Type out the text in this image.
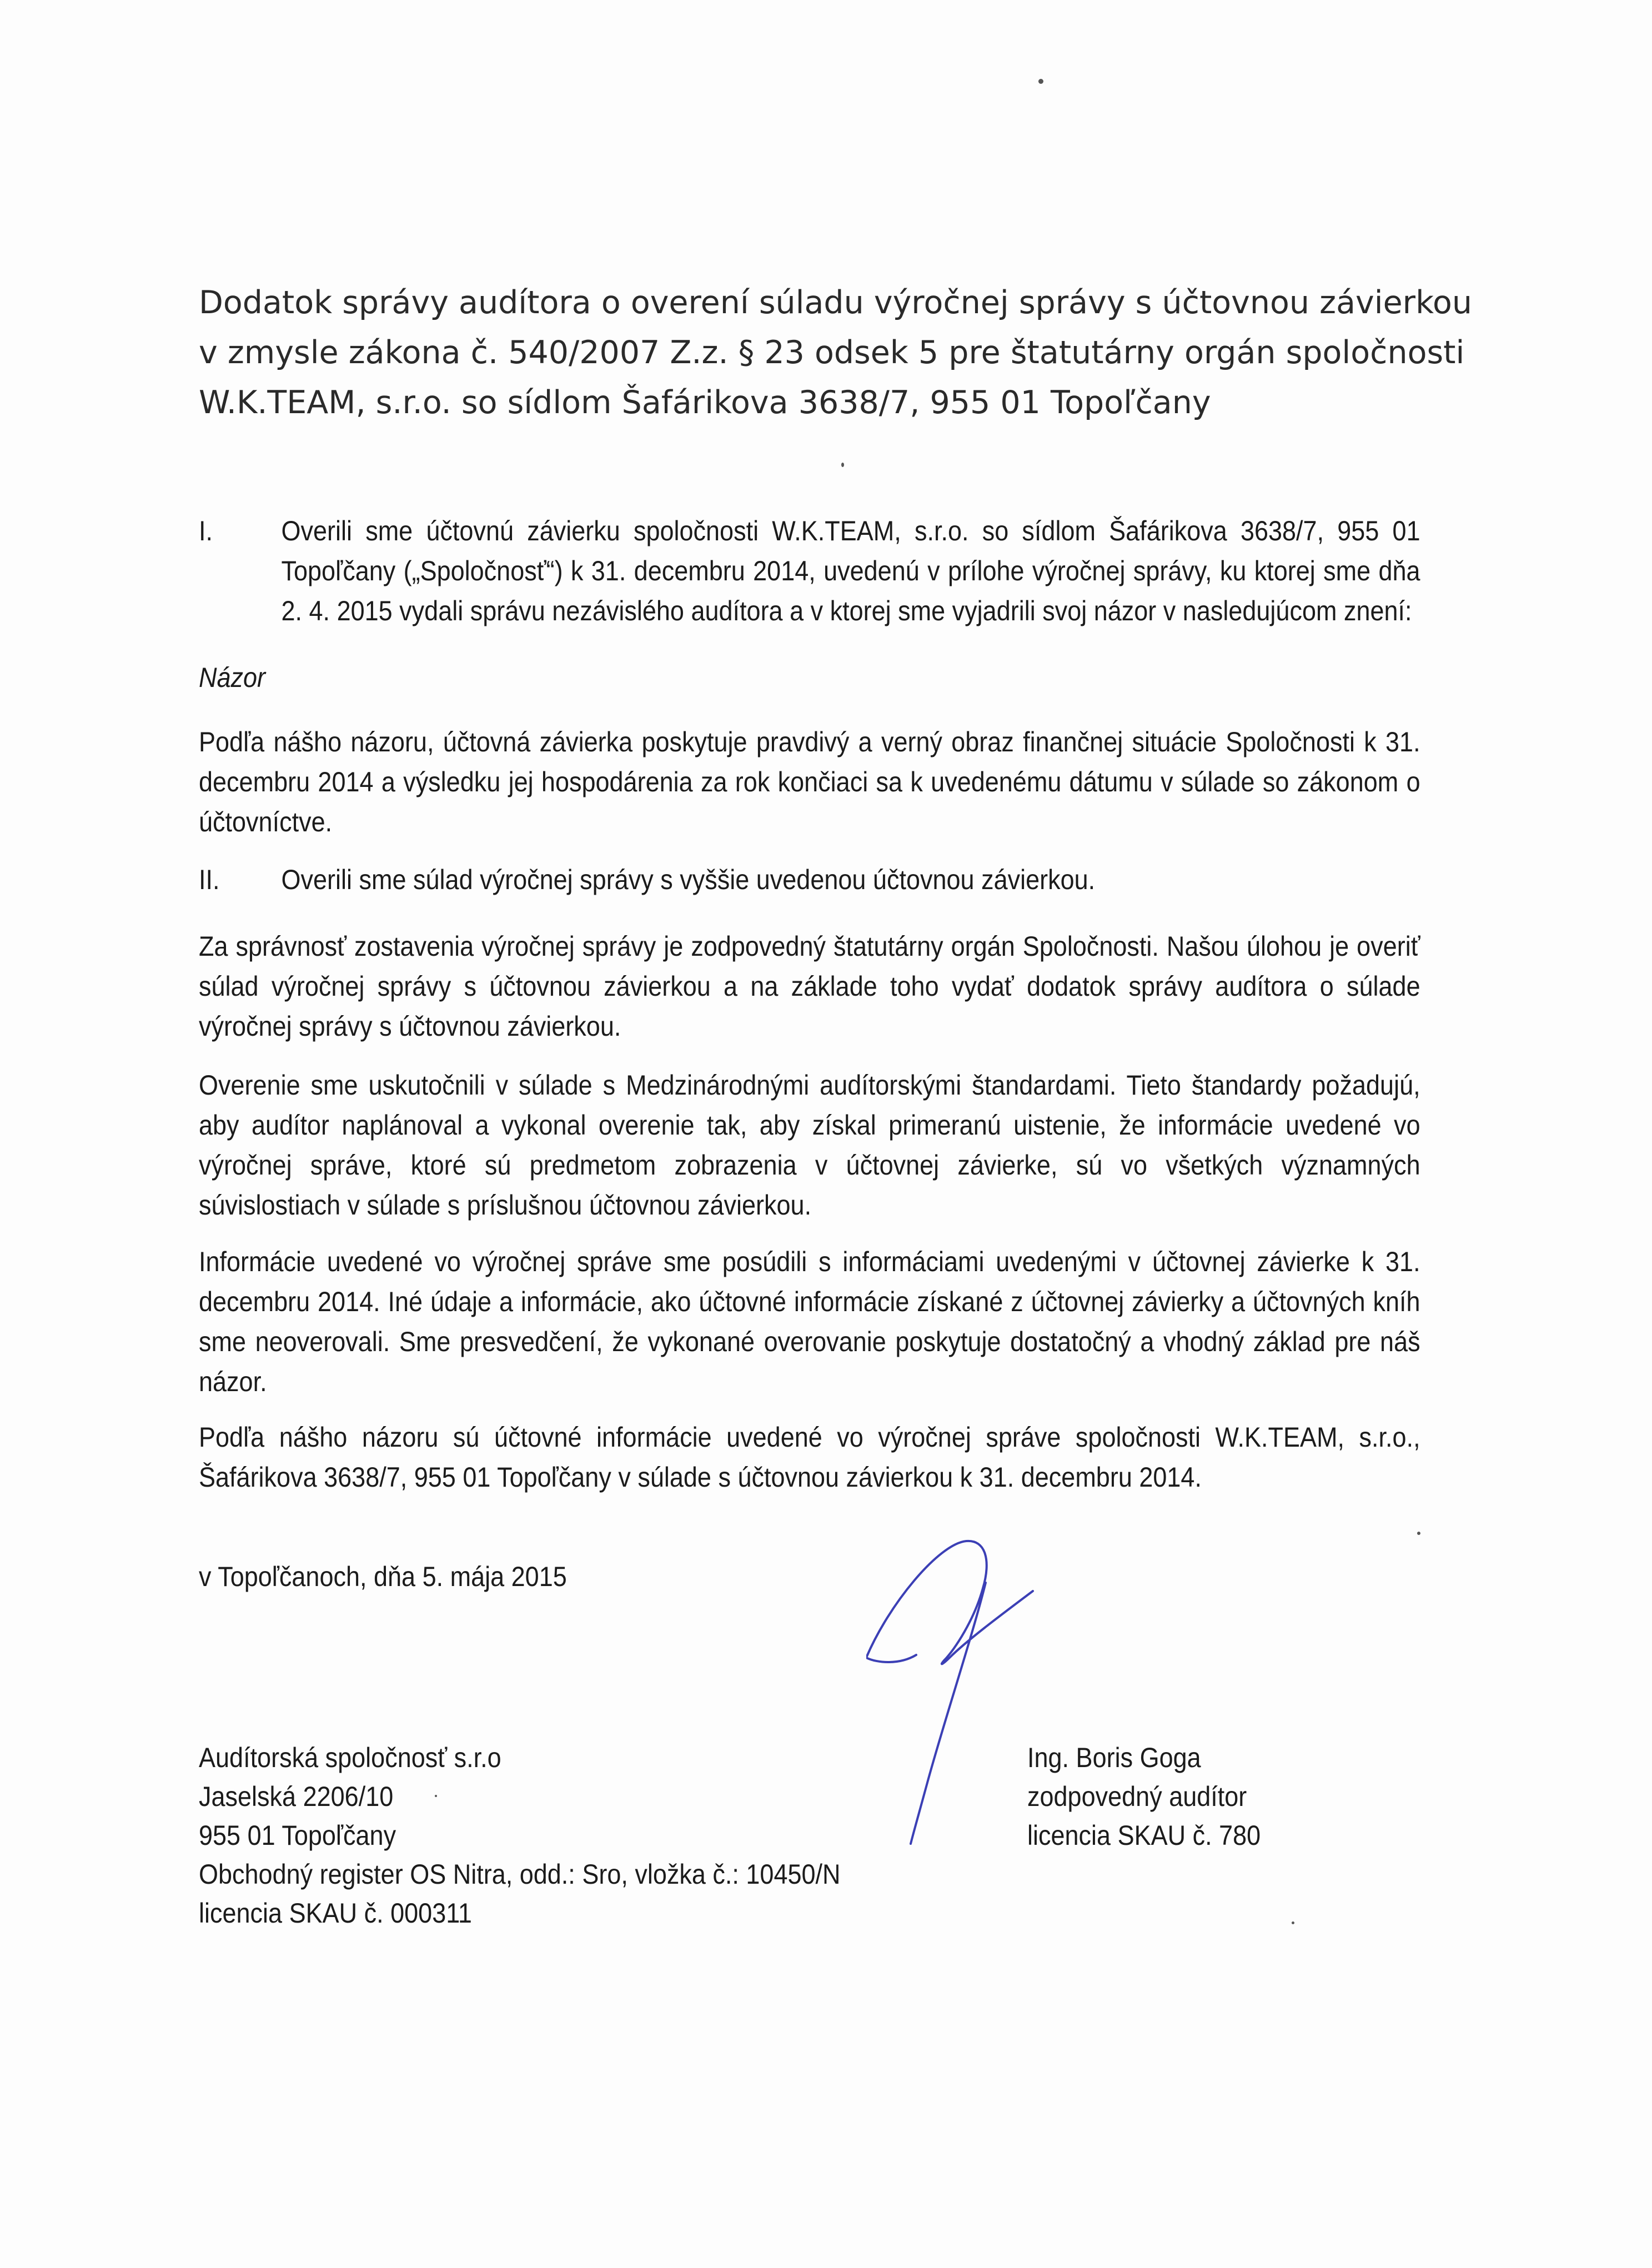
Dodatok správy audítora o overení súladu výročnej správy s účtovnou závierkou
v zmysle zákona č. 540/2007 Z.z. § 23 odsek 5 pre štatutárny orgán spoločnosti
W.K.TEAM, s.r.o. so sídlom Šafárikova 3638/7, 955 01 Topoľčany
I.	Overili sme účtovnú závierku spoločnosti W.K.TEAM, s.r.o. so sídlom Šafárikova 3638/7, 955 01 Topoľčany („Spoločnosť“) k 31. decembru 2014, uvedenú v prílohe výročnej správy, ku ktorej sme dňa 2. 4. 2015 vydali správu nezávislého audítora a v ktorej sme vyjadrili svoj názor v nasledujúcom znení:
Názor
Podľa nášho názoru, účtovná závierka poskytuje pravdivý a verný obraz finančnej situácie Spoločnosti k 31. decembru 2014 a výsledku jej hospodárenia za rok končiaci sa k uvedenému dátumu v súlade so zákonom o účtovníctve.
II.	Overili sme súlad výročnej správy s vyššie uvedenou účtovnou závierkou.
Za správnosť zostavenia výročnej správy je zodpovedný štatutárny orgán Spoločnosti. Našou úlohou je overiť súlad výročnej správy s účtovnou závierkou a na základe toho vydať dodatok správy audítora o súlade výročnej správy s účtovnou závierkou.
Overenie sme uskutočnili v súlade s Medzinárodnými audítorskými štandardami. Tieto štandardy požadujú, aby audítor naplánoval a vykonal overenie tak, aby získal primeranú uistenie, že informácie uvedené vo výročnej správe, ktoré sú predmetom zobrazenia v účtovnej závierke, sú vo všetkých významných súvislostiach v súlade s príslušnou účtovnou závierkou.
Informácie uvedené vo výročnej správe sme posúdili s informáciami uvedenými v účtovnej závierke k 31. decembru 2014. Iné údaje a informácie, ako účtovné informácie získané z účtovnej závierky a účtovných kníh sme neoverovali. Sme presvedčení, že vykonané overovanie poskytuje dostatočný a vhodný základ pre náš názor.
Podľa nášho názoru sú účtovné informácie uvedené vo výročnej správe spoločnosti W.K.TEAM, s.r.o., Šafárikova 3638/7, 955 01 Topoľčany v súlade s účtovnou závierkou k 31. decembru 2014.
v Topoľčanoch, dňa 5. mája 2015
Audítorská spoločnosť s.r.o
Jaselská 2206/10
955 01 Topoľčany
Obchodný register OS Nitra, odd.: Sro, vložka č.: 10450/N
licencia SKAU č. 000311
Ing. Boris Goga
zodpovedný audítor
licencia SKAU č. 780
